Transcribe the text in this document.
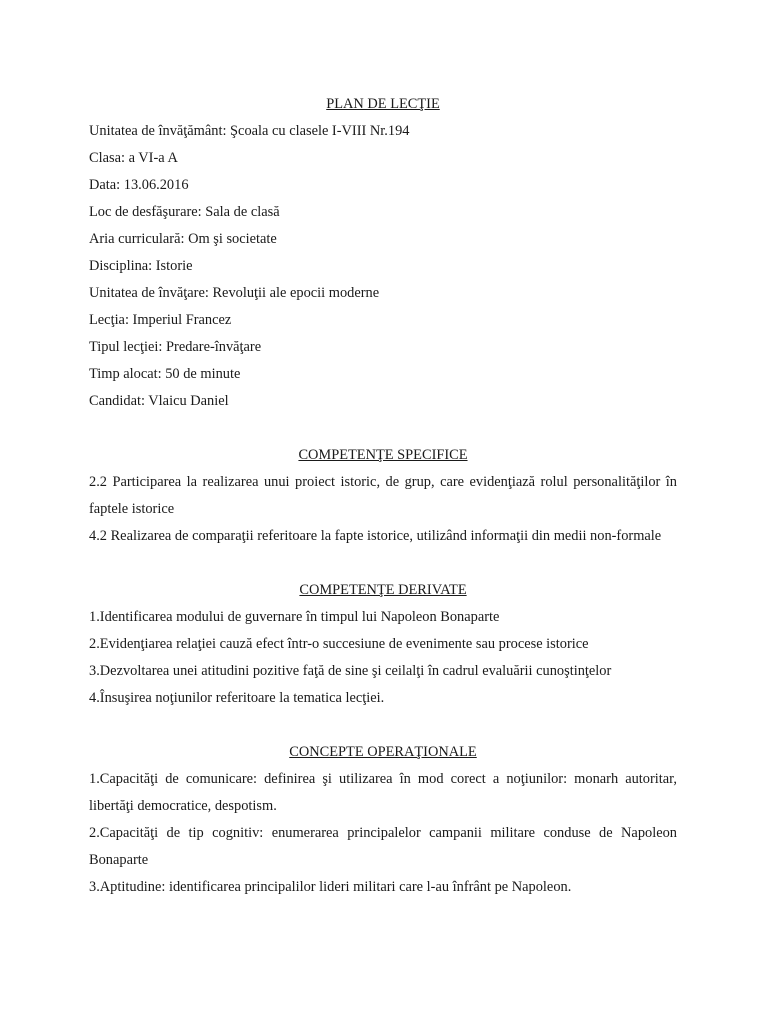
PLAN DE LECŢIE

Unitatea de învăţământ: Şcoala cu clasele I-VIII Nr.194

Clasa: a VI-a A

Data: 13.06.2016

Loc de desfăşurare: Sala de clasă

Aria curriculară: Om şi societate

Disciplina: Istorie

Unitatea de învăţare: Revoluţii ale epocii moderne

Lecţia: Imperiul Francez

Tipul lecţiei: Predare-învăţare

Timp alocat: 50 de minute

Candidat: Vlaicu Daniel

COMPETENŢE SPECIFICE

2.2 Participarea la realizarea unui proiect istoric, de grup, care evidenţiază rolul personalităţilor în faptele istorice

4.2 Realizarea de comparaţii referitoare la fapte istorice, utilizând informaţii din medii non-formale

COMPETENŢE DERIVATE

1.Identificarea modului de guvernare în timpul lui Napoleon Bonaparte

2.Evidenţiarea relaţiei cauză efect într-o succesiune de evenimente sau procese istorice

3.Dezvoltarea unei atitudini pozitive faţă de sine şi ceilalţi în cadrul evaluării cunoştinţelor

4.Însuşirea noţiunilor referitoare la tematica lecţiei.

CONCEPTE OPERAŢIONALE

1.Capacităţi de comunicare: definirea şi utilizarea în mod corect a noţiunilor: monarh autoritar, libertăţi democratice, despotism.

2.Capacităţi de tip cognitiv: enumerarea principalelor campanii militare conduse de Napoleon Bonaparte

3.Aptitudine: identificarea principalilor lideri militari care l-au înfrânt pe Napoleon.
